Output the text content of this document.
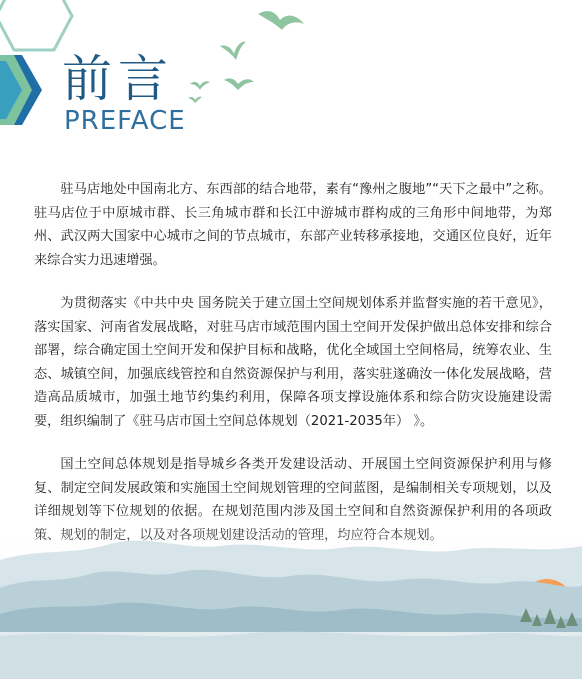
前言
PREFACE

驻马店地处中国南北方、东西部的结合地带，素有“豫州之腹地”“天下之最中”之称。驻马店位于中原城市群、长三角城市群和长江中游城市群构成的三角形中间地带，为郑州、武汉两大国家中心城市之间的节点城市，东部产业转移承接地，交通区位良好，近年来综合实力迅速增强。

为贯彻落实《中共中央 国务院关于建立国土空间规划体系并监督实施的若干意见》，落实国家、河南省发展战略，对驻马店市域范围内国土空间开发保护做出总体安排和综合部署，综合确定国土空间开发和保护目标和战略，优化全域国土空间格局，统筹农业、生态、城镇空间，加强底线管控和自然资源保护与利用，落实驻遂确汝一体化发展战略，营造高品质城市，加强土地节约集约利用，保障各项支撑设施体系和综合防灾设施建设需要，组织编制了《驻马店市国土空间总体规划（2021-2035年） 》。

国土空间总体规划是指导城乡各类开发建设活动、开展国土空间资源保护利用与修复、制定空间发展政策和实施国土空间规划管理的空间蓝图，是编制相关专项规划，以及
